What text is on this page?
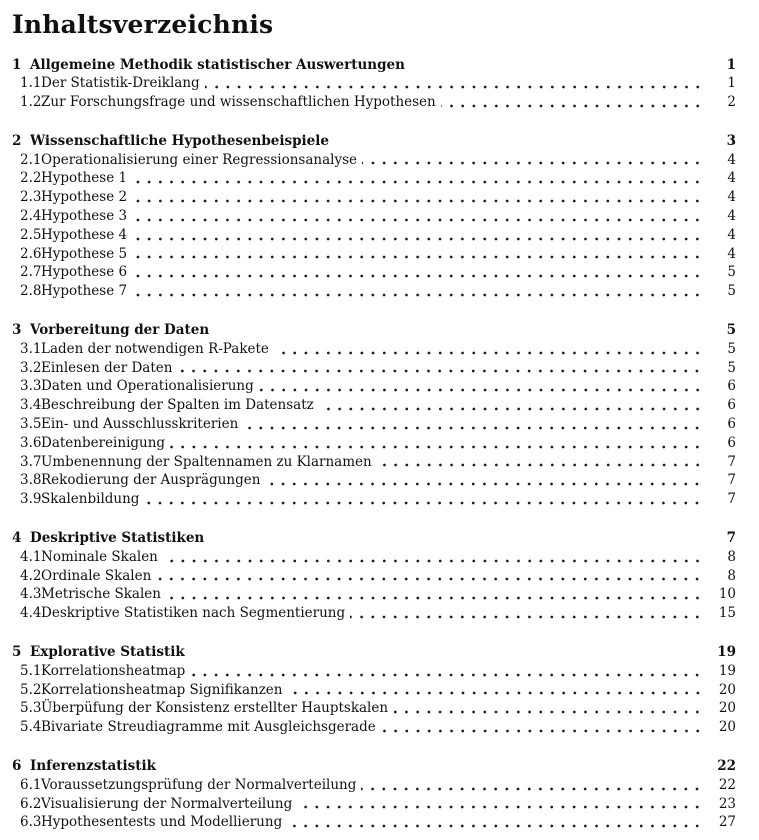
Inhaltsverzeichnis
1 Allgemeine Methodik statistischer Auswertungen	1
1.1 Der Statistik-Dreiklang	1
1.2 Zur Forschungsfrage und wissenschaftlichen Hypothesen	2
2 Wissenschaftliche Hypothesenbeispiele	3
2.1 Operationalisierung einer Regressionsanalyse	4
2.2 Hypothese 1	4
2.3 Hypothese 2	4
2.4 Hypothese 3	4
2.5 Hypothese 4	4
2.6 Hypothese 5	4
2.7 Hypothese 6	5
2.8 Hypothese 7	5
3 Vorbereitung der Daten	5
3.1 Laden der notwendigen R-Pakete	5
3.2 Einlesen der Daten	5
3.3 Daten und Operationalisierung	6
3.4 Beschreibung der Spalten im Datensatz	6
3.5 Ein- und Ausschlusskriterien	6
3.6 Datenbereinigung	6
3.7 Umbenennung der Spaltennamen zu Klarnamen	7
3.8 Rekodierung der Ausprägungen	7
3.9 Skalenbildung	7
4 Deskriptive Statistiken	7
4.1 Nominale Skalen	8
4.2 Ordinale Skalen	8
4.3 Metrische Skalen	10
4.4 Deskriptive Statistiken nach Segmentierung	15
5 Explorative Statistik	19
5.1 Korrelationsheatmap	19
5.2 Korrelationsheatmap Signifikanzen	20
5.3 Überpüfung der Konsistenz erstellter Hauptskalen	20
5.4 Bivariate Streudiagramme mit Ausgleichsgerade	20
6 Inferenzstatistik	22
6.1 Voraussetzungsprüfung der Normalverteilung	22
6.2 Visualisierung der Normalverteilung	23
6.3 Hypothesentests und Modellierung	27
